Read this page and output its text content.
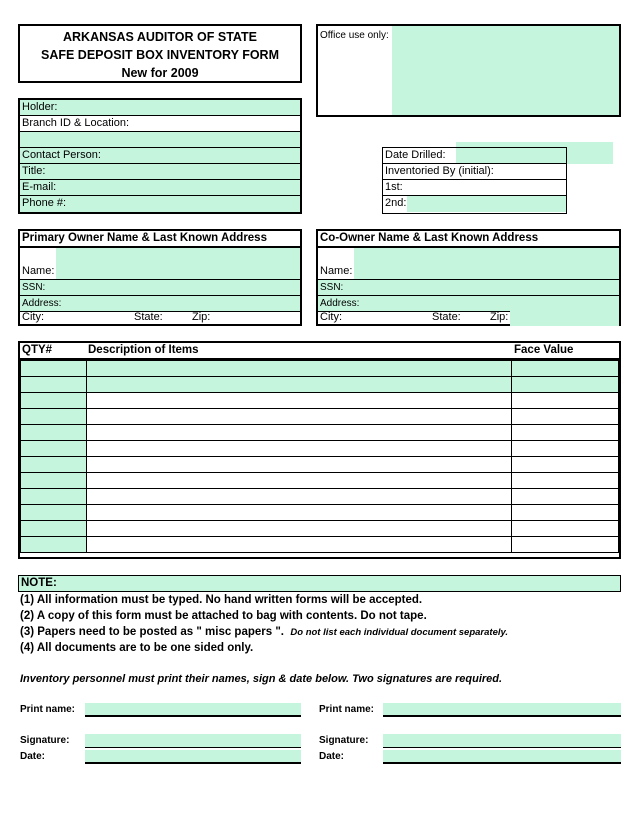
ARKANSAS AUDITOR OF STATE
SAFE DEPOSIT BOX INVENTORY FORM
New for 2009
Office use only:
Holder:
Branch ID & Location:
Contact Person:
Title:
E-mail:
Phone #:
Date Drilled:
Inventoried By (initial):
1st:
2nd:
Primary Owner Name & Last Known Address
Name:
SSN:
Address:
City:	State:	Zip:
Co-Owner Name & Last Known Address
Name:
SSN:
Address:
City:	State:	Zip:
QTY#	Description of Items	Face Value

NOTE:
(1) All information must be typed. No hand written forms will be accepted.
(2) A copy of this form must be attached to bag with contents. Do not tape.
(3) Papers need to be posted as " misc papers ". Do not list each individual document separately.
(4) All documents are to be one sided only.
Inventory personnel must print their names, sign & date below. Two signatures are required.
Print name:
Signature:
Date:
Print name:
Signature:
Date:
